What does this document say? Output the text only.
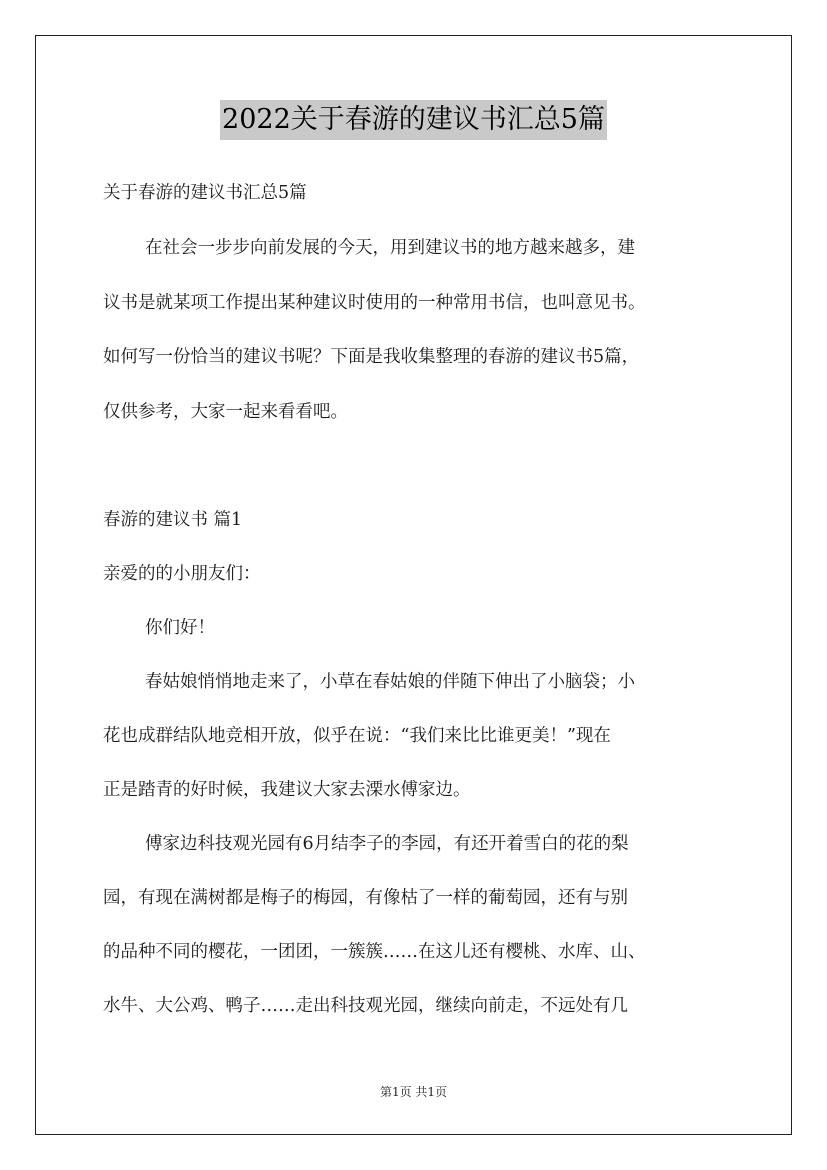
2022关于春游的建议书汇总5篇
关于春游的建议书汇总5篇
在社会一步步向前发展的今天，用到建议书的地方越来越多，建
议书是就某项工作提出某种建议时使用的一种常用书信，也叫意见书。
如何写一份恰当的建议书呢？下面是我收集整理的春游的建议书5篇，
仅供参考，大家一起来看看吧。
春游的建议书 篇1
亲爱的的小朋友们：
你们好！
春姑娘悄悄地走来了，小草在春姑娘的伴随下伸出了小脑袋；小
花也成群结队地竞相开放，似乎在说：“我们来比比谁更美！”现在
正是踏青的好时候，我建议大家去溧水傅家边。
傅家边科技观光园有6月结李子的李园，有还开着雪白的花的梨
园，有现在满树都是梅子的梅园，有像枯了一样的葡萄园，还有与别
的品种不同的樱花，一团团，一簇簇……在这儿还有樱桃、水库、山、
水牛、大公鸡、鸭子……走出科技观光园，继续向前走，不远处有几
第1页 共1页
